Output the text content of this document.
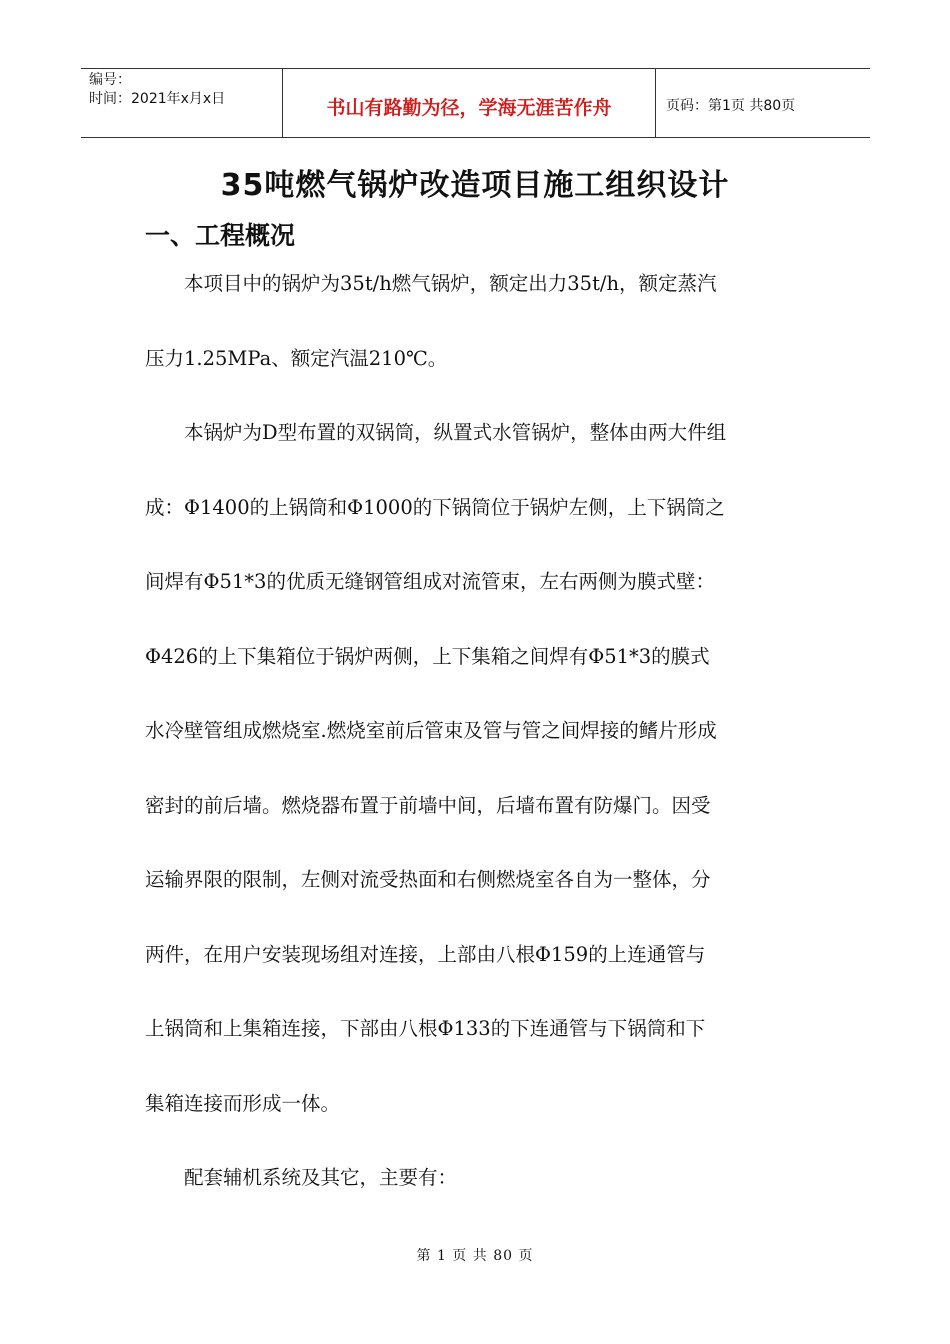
编号：
时间：2021年x月x日	书山有路勤为径，学海无涯苦作舟	页码：第1页 共80页
35吨燃气锅炉改造项目施工组织设计
一、工程概况
本项目中的锅炉为35t/h燃气锅炉，额定出力35t/h，额定蒸汽
压力1.25MPa、额定汽温210℃。
本锅炉为D型布置的双锅筒，纵置式水管锅炉，整体由两大件组
成：Φ1400的上锅筒和Φ1000的下锅筒位于锅炉左侧，上下锅筒之
间焊有Φ51*3的优质无缝钢管组成对流管束，左右两侧为膜式壁：
Φ426的上下集箱位于锅炉两侧，上下集箱之间焊有Φ51*3的膜式
水冷壁管组成燃烧室.燃烧室前后管束及管与管之间焊接的鳍片形成
密封的前后墙。燃烧器布置于前墙中间，后墙布置有防爆门。因受
运输界限的限制，左侧对流受热面和右侧燃烧室各自为一整体，分
两件，在用户安装现场组对连接，上部由八根Φ159的上连通管与
上锅筒和上集箱连接，下部由八根Φ133的下连通管与下锅筒和下
集箱连接而形成一体。
配套辅机系统及其它，主要有：
第 1 页 共 80 页
